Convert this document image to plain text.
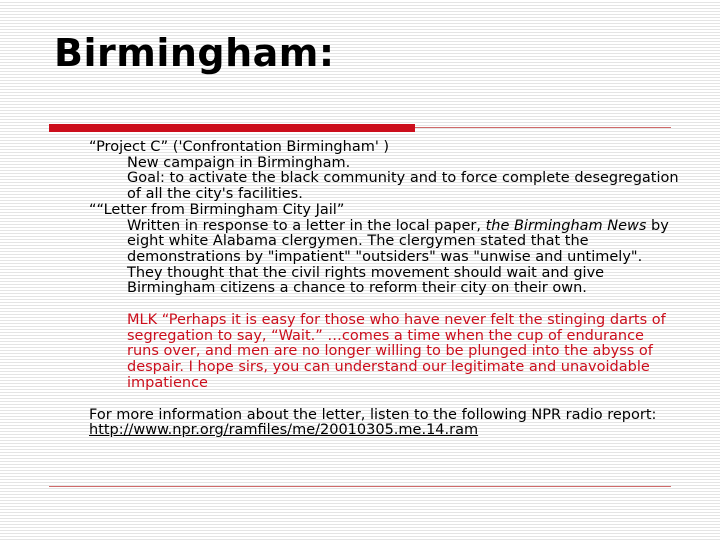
Birmingham:

“Project C” ('Confrontation Birmingham' )

New campaign in Birmingham.

Goal: to activate the black community and to force complete desegregation of all the city's facilities.

““Letter from Birmingham City Jail”

Written in response to a letter in the local paper, the Birmingham News by eight white Alabama clergymen. The clergymen stated that the demonstrations by "impatient" "outsiders" was "unwise and untimely". They thought that the civil rights movement should wait and give Birmingham citizens a chance to reform their city on their own.

MLK “Perhaps it is easy for those who have never felt the stinging darts of segregation to say, “Wait.” …comes a time when the cup of endurance runs over, and men are no longer willing to be plunged into the abyss of despair. I hope sirs, you can understand our legitimate and unavoidable impatience

For more information about the letter, listen to the following NPR radio report: http://www.npr.org/ramfiles/me/20010305.me.14.ram
